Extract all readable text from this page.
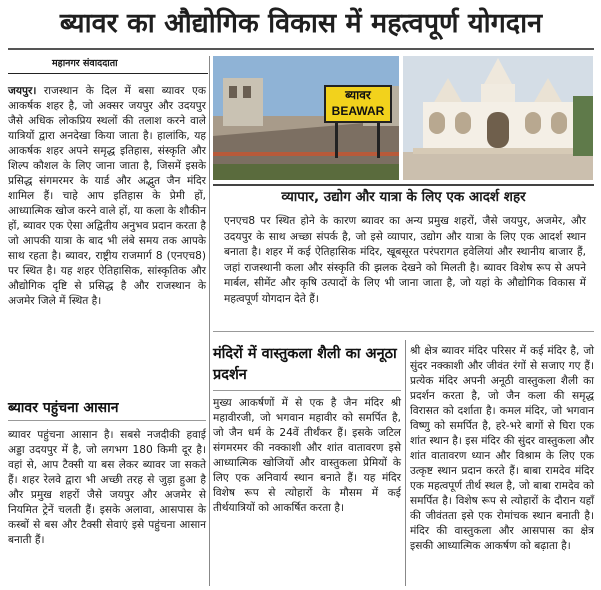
ब्यावर का औद्योगिक विकास में महत्वपूर्ण योगदान
महानगर संवाददाता

जयपुर। राजस्थान के दिल में बसा ब्यावर एक आकर्षक शहर है, जो अक्सर जयपुर और उदयपुर जैसे अधिक लोकप्रिय स्थलों की तलाश करने वाले यात्रियों द्वारा अनदेखा किया जाता है। हालांकि, यह आकर्षक शहर अपने समृद्ध इतिहास, संस्कृति और शिल्प कौशल के लिए जाना जाता है, जिसमें इसके प्रसिद्ध संगमरमर के यार्ड और अद्भुत जैन मंदिर शामिल हैं। चाहे आप इतिहास के प्रेमी हों, आध्यात्मिक खोज करने वाले हों, या कला के शौकीन हों, ब्यावर एक ऐसा अद्वितीय अनुभव प्रदान करता है जो आपकी यात्रा के बाद भी लंबे समय तक आपके साथ रहता है। ब्यावर, राष्ट्रीय राजमार्ग 8 (एनएच8) पर स्थित है। यह शहर ऐतिहासिक, सांस्कृतिक और औद्योगिक दृष्टि से प्रसिद्ध है और राजस्थान के अजमेर जिले में स्थित है।

ब्यावर पहुंचना आसान
ब्यावर पहुंचना आसान है। सबसे नजदीकी हवाई अड्डा उदयपुर में है, जो लगभग 180 किमी दूर है। वहां से, आप टैक्सी या बस लेकर ब्यावर जा सकते हैं। शहर रेलवे द्वारा भी अच्छी तरह से जुड़ा हुआ है और प्रमुख शहरों जैसे जयपुर और अजमेर से नियमित ट्रेनें चलती हैं। इसके अलावा, आसपास के कस्बों से बस और टैक्सी सेवाएं इसे पहुंचना आसान बनाती हैं।
ब्यावर
BEAWAR
व्यापार, उद्योग और यात्रा के लिए एक आदर्श शहर
एनएच8 पर स्थित होने के कारण ब्यावर का अन्य प्रमुख शहरों, जैसे जयपुर, अजमेर, और उदयपुर के साथ अच्छा संपर्क है, जो इसे व्यापार, उद्योग और यात्रा के लिए एक आदर्श स्थान बनाता है। शहर में कई ऐतिहासिक मंदिर, खूबसूरत परंपरागत हवेलियां और स्थानीय बाजार हैं, जहां राजस्थानी कला और संस्कृति की झलक देखने को मिलती है। ब्यावर विशेष रूप से अपने मार्बल, सीमेंट और कृषि उत्पादों के लिए भी जाना जाता है, जो यहां के औद्योगिक विकास में महत्वपूर्ण योगदान देते हैं।
मंदिरों में वास्तुकला शैली का अनूठा प्रदर्शन

मुख्य आकर्षणों में से एक है जैन मंदिर श्री महावीरजी, जो भगवान महावीर को समर्पित है, जो जैन धर्म के 24वें तीर्थंकर हैं। इसके जटिल संगमरमर की नक्काशी और शांत वातावरण इसे आध्यात्मिक खोजियों और वास्तुकला प्रेमियों के लिए एक अनिवार्य स्थान बनाते हैं। यह मंदिर विशेष रूप से त्योहारों के मौसम में कई तीर्थयात्रियों को आकर्षित करता है।

श्री क्षेत्र ब्यावर मंदिर परिसर में कई मंदिर है, जो सुंदर नक्काशी और जीवंत रंगों से सजाए गए हैं। प्रत्येक मंदिर अपनी अनूठी वास्तुकला शैली का प्रदर्शन करता है, जो जैन कला की समृद्ध विरासत को दर्शाता है। कमल मंदिर, जो भगवान विष्णु को समर्पित है, हरे-भरे बागों से घिरा एक शांत स्थान है। इस मंदिर की सुंदर वास्तुकला और शांत वातावरण ध्यान और विश्राम के लिए एक उत्कृष्ट स्थान प्रदान करते हैं। बाबा रामदेव मंदिर एक महत्वपूर्ण तीर्थ स्थल है, जो बाबा रामदेव को समर्पित है। विशेष रूप से त्योहारों के दौरान यहाँ की जीवंतता इसे एक रोमांचक स्थान बनाती है। मंदिर की वास्तुकला और आसपास का क्षेत्र इसकी आध्यात्मिक आकर्षण को बढ़ाता है।
